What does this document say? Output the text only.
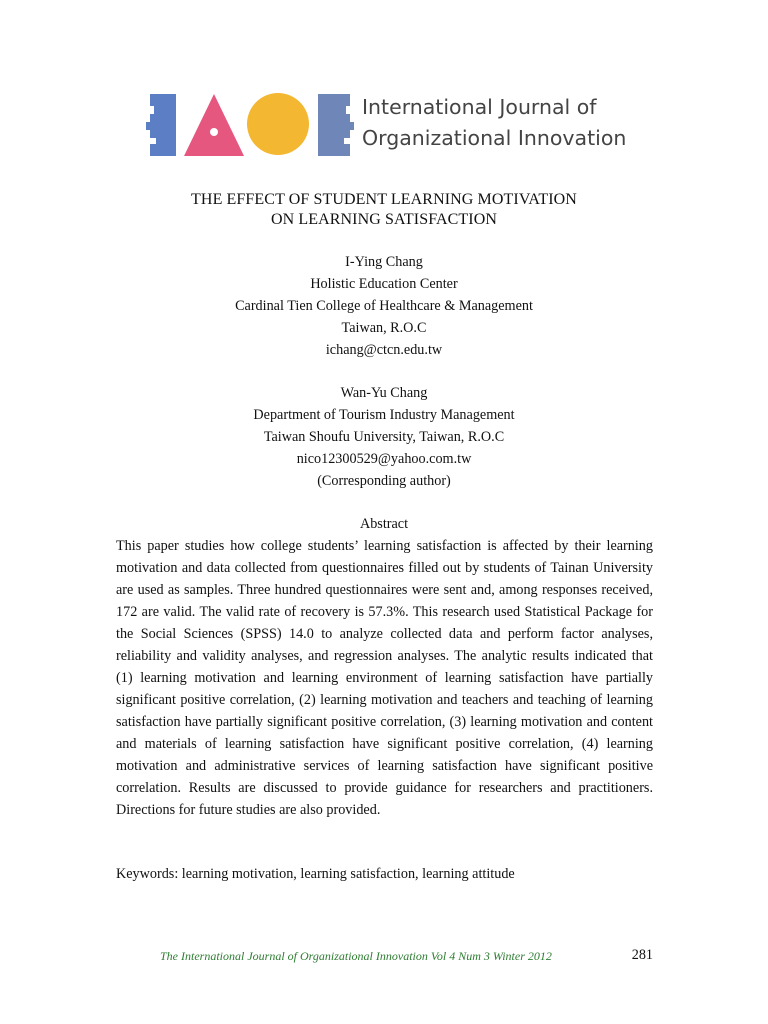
International Journal of
Organizational Innovation
THE EFFECT OF STUDENT LEARNING MOTIVATION
ON LEARNING SATISFACTION
I-Ying Chang
Holistic Education Center
Cardinal Tien College of Healthcare & Management
Taiwan, R.O.C
ichang@ctcn.edu.tw
Wan-Yu Chang
Department of Tourism Industry Management
Taiwan Shoufu University, Taiwan, R.O.C
nico12300529@yahoo.com.tw
(Corresponding author)
Abstract

This paper studies how college students’ learning satisfaction is affected by their learning motivation and data collected from questionnaires filled out by students of Tainan University are used as samples. Three hundred questionnaires were sent and, among responses received, 172 are valid. The valid rate of recovery is 57.3%. This research used Statistical Package for the Social Sciences (SPSS) 14.0 to analyze collected data and perform factor analyses, reliability and validity analyses, and regression analyses. The analytic results indicated that (1) learning motivation and learning environment of learning satisfaction have partially significant positive correlation, (2) learning motivation and teachers and teaching of learning satisfaction have partially significant positive correlation, (3) learning motivation and content and materials of learning satisfaction have significant positive correlation, (4) learning motivation and administrative services of learning satisfaction have significant positive correlation. Results are discussed to provide guidance for researchers and practitioners. Directions for future studies are also provided.

Keywords: learning motivation, learning satisfaction, learning attitude
The International Journal of Organizational Innovation Vol 4 Num 3 Winter 2012	281
